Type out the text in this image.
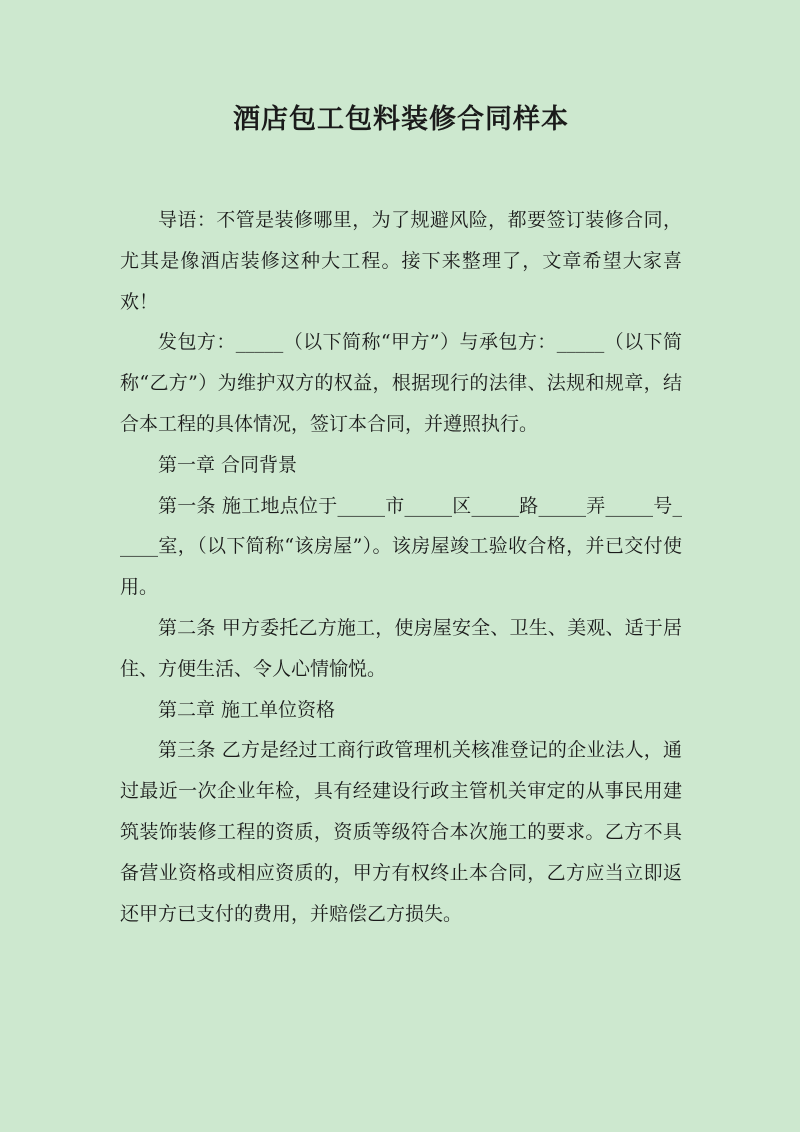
酒店包工包料装修合同样本

导语：不管是装修哪里，为了规避风险，都要签订装修合同，尤其是像酒店装修这种大工程。接下来整理了，文章希望大家喜欢！

发包方：_____（以下简称“甲方”）与承包方：_____（以下简称“乙方”）为维护双方的权益，根据现行的法律、法规和规章，结合本工程的具体情况，签订本合同，并遵照执行。

第一章 合同背景

第一条 施工地点位于_____市_____区_____路_____弄_____号_____室，（以下简称“该房屋”）。该房屋竣工验收合格，并已交付使用。

第二条 甲方委托乙方施工，使房屋安全、卫生、美观、适于居住、方便生活、令人心情愉悦。

第二章 施工单位资格

第三条 乙方是经过工商行政管理机关核准登记的企业法人，通过最近一次企业年检，具有经建设行政主管机关审定的从事民用建筑装饰装修工程的资质，资质等级符合本次施工的要求。乙方不具备营业资格或相应资质的，甲方有权终止本合同，乙方应当立即返还甲方已支付的费用，并赔偿乙方损失。
